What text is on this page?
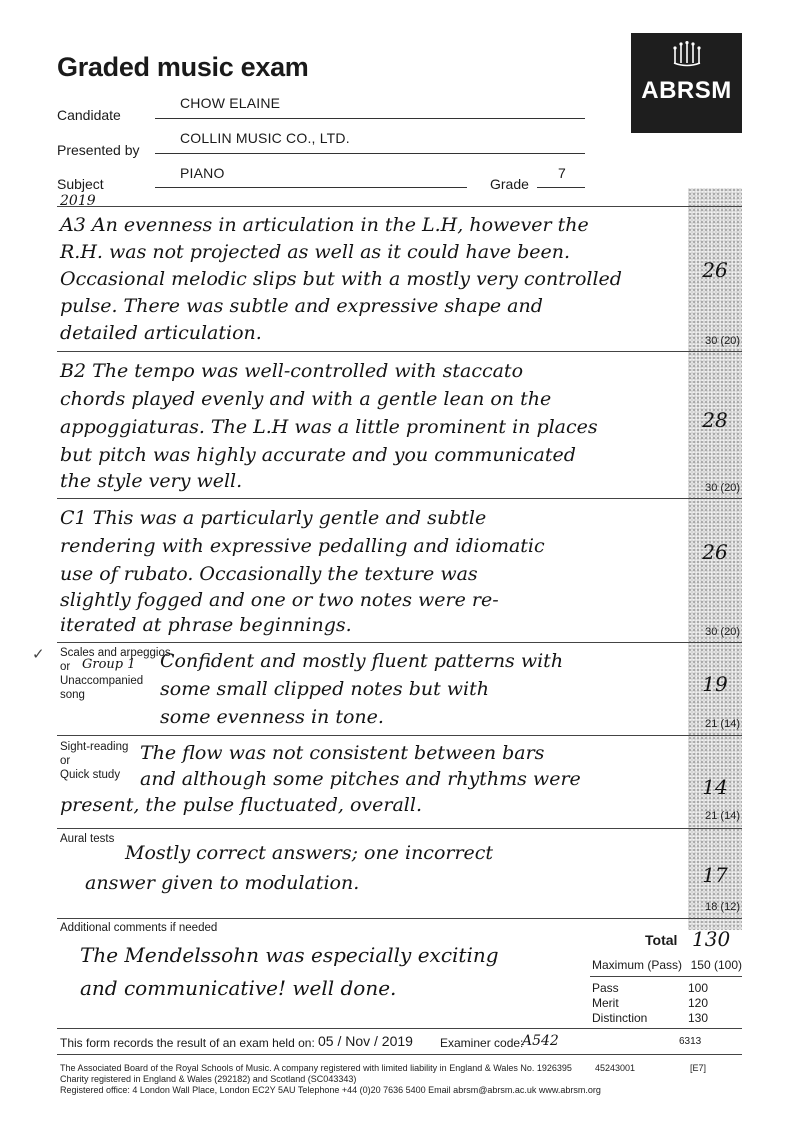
Graded music exam
ABRSM
Candidate
CHOW ELAINE
Presented by
COLLIN MUSIC CO., LTD.
Subject
PIANO
Grade
7
2019
A3 An evenness in articulation in the L.H, however the
R.H. was not projected as well as it could have been.
Occasional melodic slips but with a mostly very controlled
pulse. There was subtle and expressive shape and
detailed articulation.
26
30 (20)
B2 The tempo was well-controlled with staccato
chords played evenly and with a gentle lean on the
appoggiaturas. The L.H was a little prominent in places
but pitch was highly accurate and you communicated
the style very well.
28
30 (20)
C1 This was a particularly gentle and subtle
rendering with expressive pedalling and idiomatic
use of rubato. Occasionally the texture was
slightly fogged and one or two notes were re-
iterated at phrase beginnings.
26
30 (20)
✓ Scales and arpeggios
or Group 1
Unaccompanied
song
Confident and mostly fluent patterns with
some small clipped notes but with
some evenness in tone.
19
21 (14)
Sight-reading
or
Quick study
The flow was not consistent between bars
and although some pitches and rhythms were
present, the pulse fluctuated, overall.
14
21 (14)
Aural tests
Mostly correct answers; one incorrect
answer given to modulation.	17
18 (12)
Additional comments if needed
The Mendelssohn was especially exciting
and communicative! well done.
Total 130
Maximum (Pass) 150 (100)
Pass	100
Merit	120
Distinction	130
This form records the result of an exam held on: 05 / Nov / 2019 Examiner code:
A542	6313
The Associated Board of the Royal Schools of Music. A company registered with limited liability in England & Wales No. 1926395
Charity registered in England & Wales (292182) and Scotland (SC043343)
Registered office: 4 London Wall Place, London EC2Y 5AU Telephone +44 (0)20 7636 5400 Email abrsm@abrsm.ac.uk www.abrsm.org
45243001	[E7]
